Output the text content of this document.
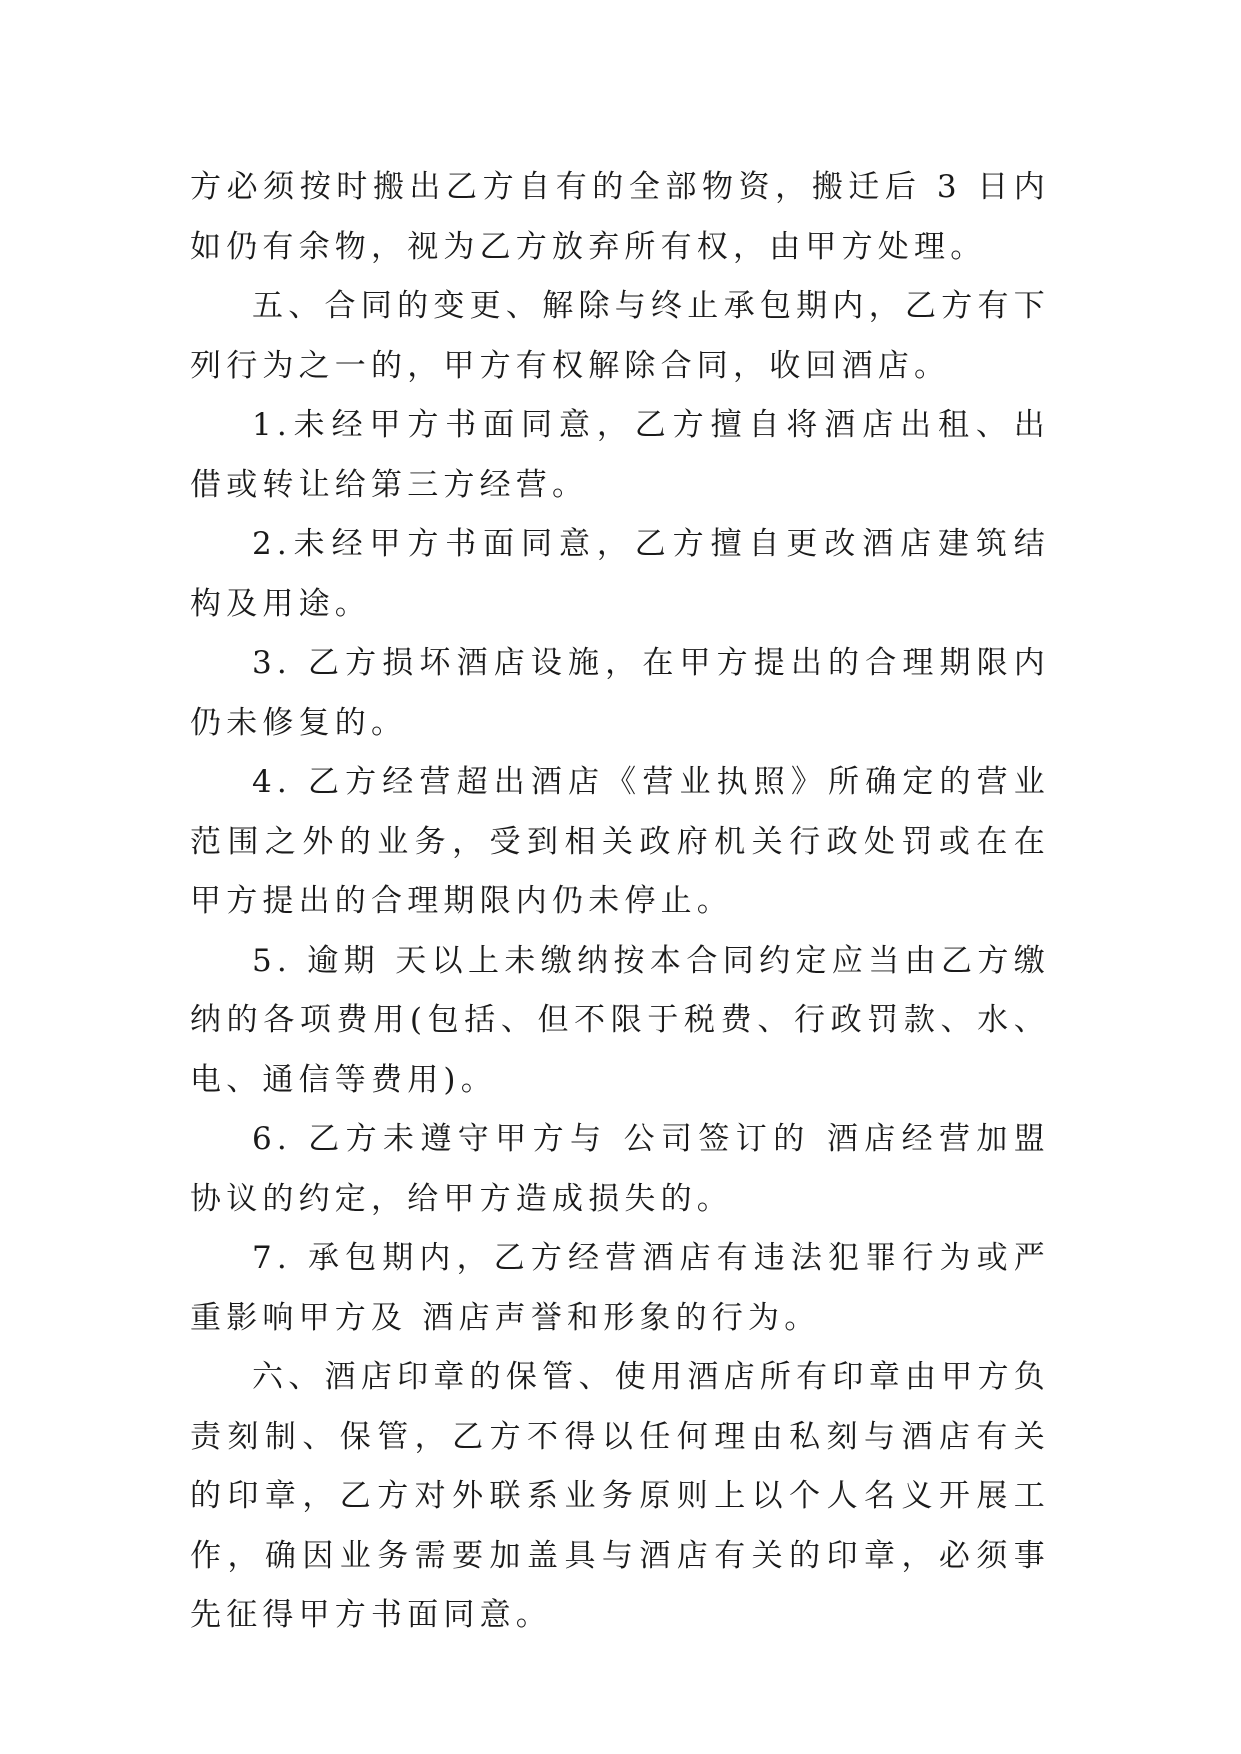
方必须按时搬出乙方自有的全部物资，搬迁后 3 日内如仍有余物，视为乙方放弃所有权，由甲方处理。

五、合同的变更、解除与终止承包期内，乙方有下列行为之一的，甲方有权解除合同，收回酒店。

1.未经甲方书面同意，乙方擅自将酒店出租、出借或转让给第三方经营。

2.未经甲方书面同意，乙方擅自更改酒店建筑结构及用途。

3. 乙方损坏酒店设施，在甲方提出的合理期限内仍未修复的。

4. 乙方经营超出酒店《营业执照》所确定的营业范围之外的业务，受到相关政府机关行政处罚或在在甲方提出的合理期限内仍未停止。

5. 逾期 天以上未缴纳按本合同约定应当由乙方缴纳的各项费用(包括、但不限于税费、行政罚款、水、电、通信等费用)。

6. 乙方未遵守甲方与 公司签订的 酒店经营加盟协议的约定，给甲方造成损失的。

7. 承包期内，乙方经营酒店有违法犯罪行为或严重影响甲方及 酒店声誉和形象的行为。

六、酒店印章的保管、使用酒店所有印章由甲方负责刻制、保管，乙方不得以任何理由私刻与酒店有关的印章，乙方对外联系业务原则上以个人名义开展工作，确因业务需要加盖具与酒店有关的印章，必须事先征得甲方书面同意。
